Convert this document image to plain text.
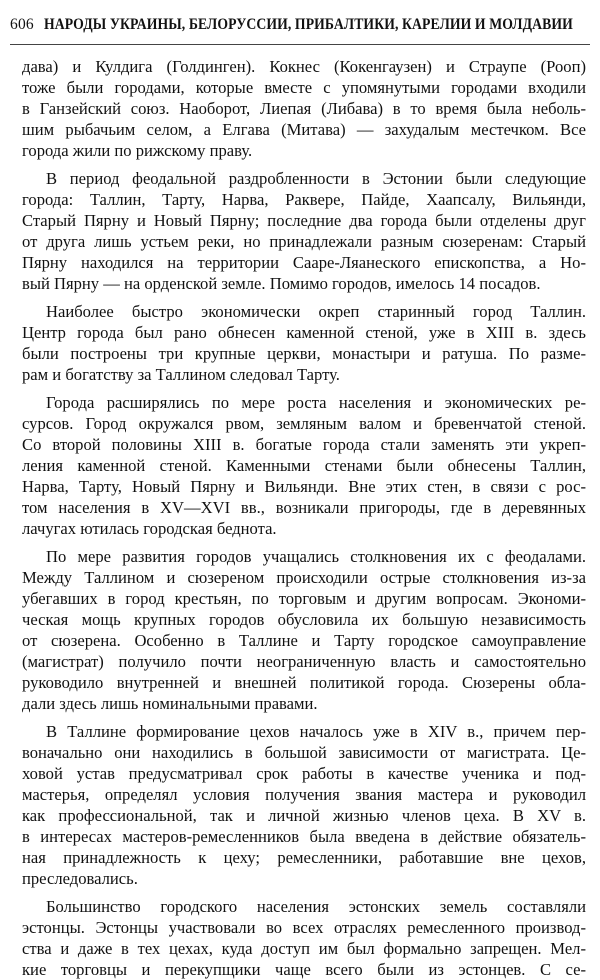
606 НАРОДЫ УКРАИНЫ, БЕЛОРУССИИ, ПРИБАЛТИКИ, КАРЕЛИИ И МОЛДАВИИ
дава) и Кулдига (Голдинген). Кокнес (Кокенгаузен) и Страупе (Рооп)
тоже были городами, которые вместе с упомянутыми городами входили
в Ганзейский союз. Наоборот, Лиепая (Либава) в то время была неболь-
шим рыбачьим селом, а Елгава (Митава) — захудалым местечком. Все
города жили по рижскому праву.
В период феодальной раздробленности в Эстонии были следующие
города: Таллин, Тарту, Нарва, Раквере, Пайде, Хаапсалу, Вильянди,
Старый Пярну и Новый Пярну; последние два города были отделены друг
от друга лишь устьем реки, но принадлежали разным сюзеренам: Старый
Пярну находился на территории Сааре-Ляанеского епископства, а Но-
вый Пярну — на орденской земле. Помимо городов, имелось 14 посадов.
Наиболее быстро экономически окреп старинный город Таллин.
Центр города был рано обнесен каменной стеной, уже в XIII в. здесь
были построены три крупные церкви, монастыри и ратуша. По разме-
рам и богатству за Таллином следовал Тарту.
Города расширялись по мере роста населения и экономических ре-
сурсов. Город окружался рвом, земляным валом и бревенчатой стеной.
Со второй половины XIII в. богатые города стали заменять эти укреп-
ления каменной стеной. Каменными стенами были обнесены Таллин,
Нарва, Тарту, Новый Пярну и Вильянди. Вне этих стен, в связи с рос-
том населения в XV—XVI вв., возникали пригороды, где в деревянных
лачугах ютилась городская беднота.
По мере развития городов учащались столкновения их с феодалами.
Между Таллином и сюзереном происходили острые столкновения из-за
убегавших в город крестьян, по торговым и другим вопросам. Экономи-
ческая мощь крупных городов обусловила их большую независимость
от сюзерена. Особенно в Таллине и Тарту городское самоуправление
(магистрат) получило почти неограниченную власть и самостоятельно
руководило внутренней и внешней политикой города. Сюзерены обла-
дали здесь лишь номинальными правами.
В Таллине формирование цехов началось уже в XIV в., причем пер-
воначально они находились в большой зависимости от магистрата. Це-
ховой устав предусматривал срок работы в качестве ученика и под-
мастерья, определял условия получения звания мастера и руководил
как профессиональной, так и личной жизнью членов цеха. В XV в.
в интересах мастеров-ремесленников была введена в действие обязатель-
ная принадлежность к цеху; ремесленники, работавшие вне цехов,
преследовались.
Большинство городского населения эстонских земель составляли
эстонцы. Эстонцы участвовали во всех отраслях ремесленного производ-
ства и даже в тех цехах, куда доступ им был формально запрещен. Мел-
кие торговцы и перекупщики чаще всего были из эстонцев. С се-
